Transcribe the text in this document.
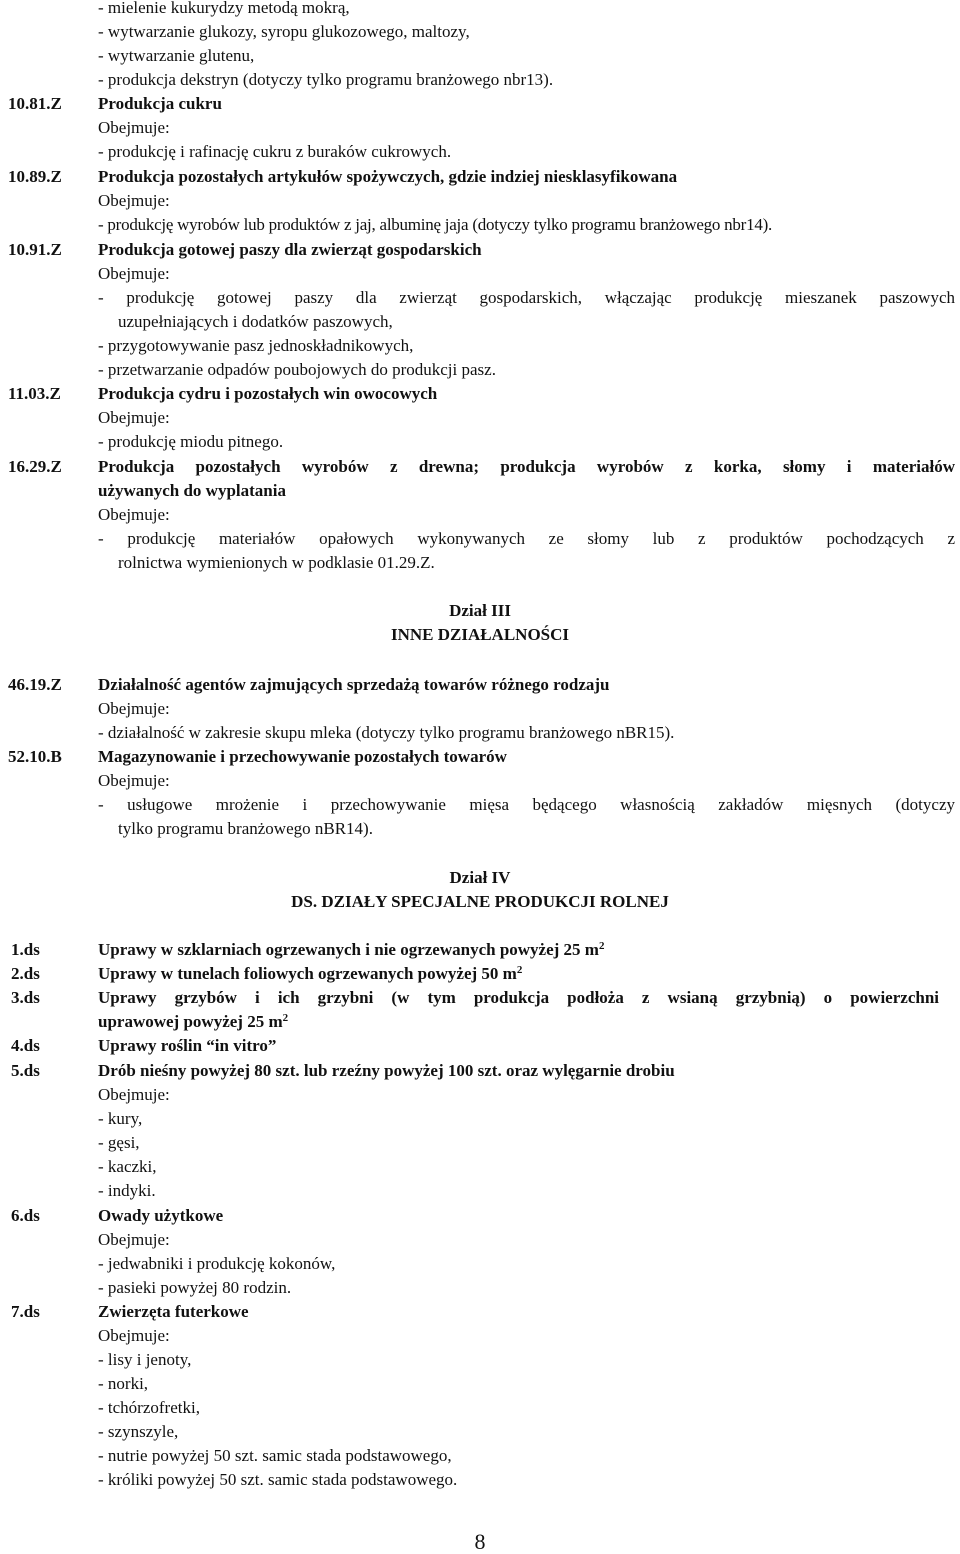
- mielenie kukurydzy metodą mokrą,
- wytwarzanie glukozy, syropu glukozowego, maltozy,
- wytwarzanie glutenu,
- produkcja dekstryn (dotyczy tylko programu branżowego nbr13).
10.81.Z Produkcja cukru
Obejmuje:
- produkcję i rafinację cukru z buraków cukrowych.
10.89.Z Produkcja pozostałych artykułów spożywczych, gdzie indziej niesklasyfikowana
Obejmuje:
- produkcję wyrobów lub produktów z jaj, albuminę jaja (dotyczy tylko programu branżowego nbr14).
10.91.Z Produkcja gotowej paszy dla zwierząt gospodarskich
Obejmuje:
- produkcję gotowej paszy dla zwierząt gospodarskich, włączając produkcję mieszanek paszowych
uzupełniających i dodatków paszowych,
- przygotowywanie pasz jednoskładnikowych,
- przetwarzanie odpadów poubojowych do produkcji pasz.
11.03.Z Produkcja cydru i pozostałych win owocowych
Obejmuje:
- produkcję miodu pitnego.
16.29.Z Produkcja pozostałych wyrobów z drewna; produkcja wyrobów z korka, słomy i materiałów
używanych do wyplatania
Obejmuje:
- produkcję materiałów opałowych wykonywanych ze słomy lub z produktów pochodzących z
rolnictwa wymienionych w podklasie 01.29.Z.
Dział III
INNE DZIAŁALNOŚCI
46.19.Z Działalność agentów zajmujących sprzedażą towarów różnego rodzaju
Obejmuje:
- działalność w zakresie skupu mleka (dotyczy tylko programu branżowego nBR15).
52.10.B Magazynowanie i przechowywanie pozostałych towarów
Obejmuje:
- usługowe mrożenie i przechowywanie mięsa będącego własnością zakładów mięsnych (dotyczy
tylko programu branżowego nBR14).
Dział IV
DS. DZIAŁY SPECJALNE PRODUKCJI ROLNEJ
1.ds	Uprawy w szklarniach ogrzewanych i nie ogrzewanych powyżej 25 $m^2$
2.ds	Uprawy w tunelach foliowych ogrzewanych powyżej 50 $m^2$
3.ds	Uprawy grzybów i ich grzybni (w tym produkcja podłoża z wsianą grzybnią) o powierzchni
uprawowej powyżej 25 $m^2$
4.ds	Uprawy roślin “in vitro”
5.ds	Drób nieśny powyżej 80 szt. lub rzeźny powyżej 100 szt. oraz wylęgarnie drobiu
Obejmuje:
- kury,
- gęsi,
- kaczki,
- indyki.
6.ds	Owady użytkowe
Obejmuje:
- jedwabniki i produkcję kokonów,
- pasieki powyżej 80 rodzin.
7.ds	Zwierzęta futerkowe
Obejmuje:
- lisy i jenoty,
- norki,
- tchórzofretki,
- szynszyle,
- nutrie powyżej 50 szt. samic stada podstawowego,
- króliki powyżej 50 szt. samic stada podstawowego.
8
